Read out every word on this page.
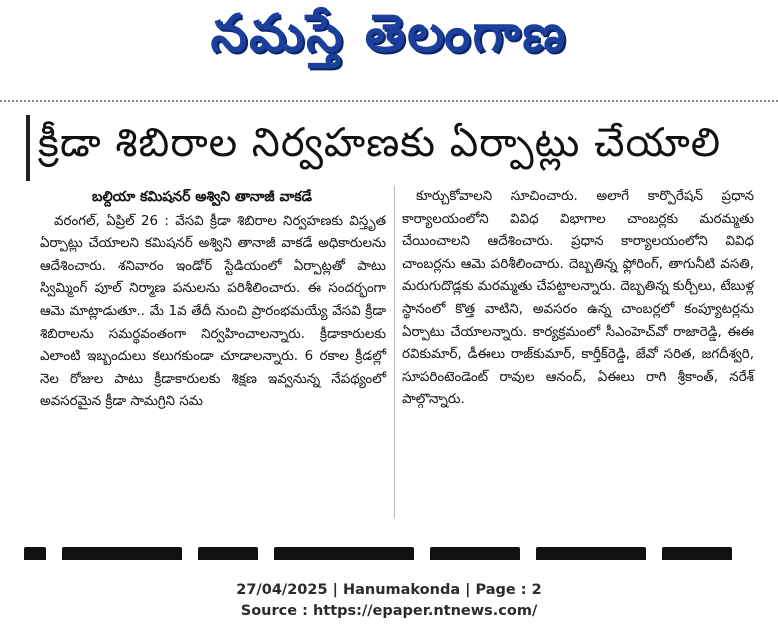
నమస్తే తెలంగాణ
క్రీడా శిబిరాల నిర్వహణకు ఏర్పాట్లు చేయాలి
బల్దియా కమిషనర్ అశ్విని తానాజీ వాకడే

వరంగల్, ఏప్రిల్ 26 : వేసవి క్రీడా శిబిరాల నిర్వహణకు విస్తృత ఏర్పాట్లు చేయాలని కమిషనర్ అశ్విని తానాజీ వాకడే అధికారులను ఆదేశించారు. శనివారం ఇండోర్ స్టేడియంలో ఏర్పాట్లతో పాటు స్విమ్మింగ్ పూల్ నిర్మాణ పనులను పరిశీలించారు. ఈ సందర్భంగా ఆమె మాట్లాడుతూ.. మే 1వ తేదీ నుంచి ప్రారంభమయ్యే వేసవి క్రీడా శిబిరాలను సమర్థవంతంగా నిర్వహించాలన్నారు. క్రీడాకారులకు ఎలాంటి ఇబ్బందులు కలుగకుండా చూడాలన్నారు. 6 రకాల క్రీడల్లో నెల రోజుల పాటు క్రీడాకారులకు శిక్షణ ఇవ్వనున్న నేపథ్యంలో అవసరమైన క్రీడా సామగ్రిని సమ

కూర్చుకోవాలని సూచించారు. అలాగే కార్పొరేషన్ ప్రధాన కార్యాలయంలోని వివిధ విభాగాల చాంబర్లకు మరమ్మతు చేయించాలని ఆదేశించారు. ప్రధాన కార్యాలయంలోని వివిధ చాంబర్లను ఆమె పరిశీలించారు. దెబ్బతిన్న ఫ్లోరింగ్, తాగునీటి వసతి, మరుగుదొడ్లకు మరమ్మతు చేపట్టాలన్నారు. దెబ్బతిన్న కుర్చీలు, టేబుళ్ల స్థానంలో కొత్త వాటిని, అవసరం ఉన్న చాంబర్లలో కంప్యూటర్లను ఏర్పాటు చేయాలన్నారు. కార్యక్రమంలో సీఎంహెచ్‌వో రాజారెడ్డి, ఈఈ రవికుమార్, డీఈలు రాజ్‌కుమార్, కార్తీక్‌రెడ్డి, జేవో సరిత, జగదీశ్వరి, సూపరింటెండెంట్ రావుల ఆనంద్, ఏఈలు రాగి శ్రీకాంత్, నరేశ్ పాల్గొన్నారు.

27/04/2025 | Hanumakonda | Page : 2
Source : https://epaper.ntnews.com/
